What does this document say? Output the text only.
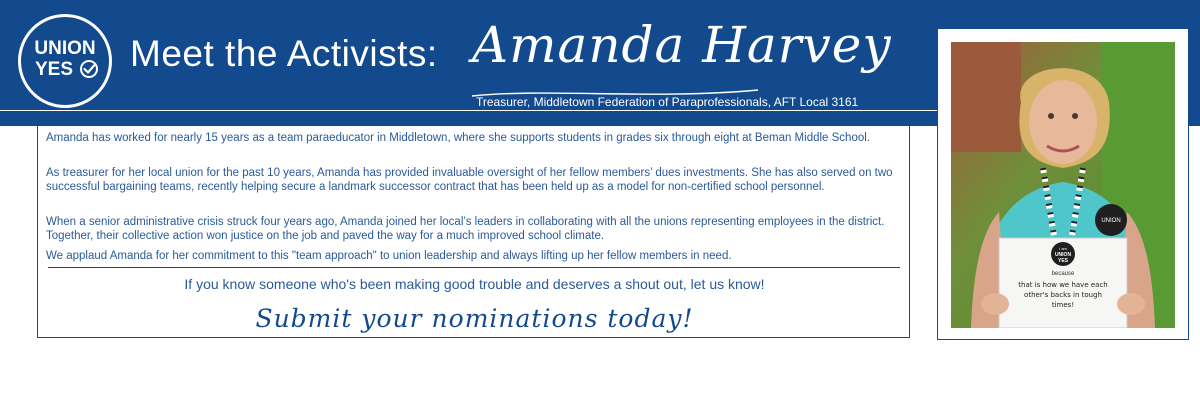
UNION
YES Meet the Activists: Amanda Harvey
Treasurer, Middletown Federation of Paraprofessionals, AFT Local 3161

Amanda has worked for nearly 15 years as a team paraeducator in Middletown, where she supports students in grades six through eight at Beman Middle School.

As treasurer for her local union for the past 10 years, Amanda has provided invaluable oversight of her fellow members’ dues investments. She has also served on two successful bargaining teams, recently helping secure a landmark successor contract that has been held up as a model for non-certified school personnel.

When a senior administrative crisis struck four years ago, Amanda joined her local’s leaders in collaborating with all the unions representing employees in the district. Together, their collective action won justice on the job and paved the way for a much improved school climate.

We applaud Amanda for her commitment to this "team approach" to union leadership and always lifting up her fellow members in need.

If you know someone who's been making good trouble and deserves a shout out, let us know!
Submit your nominations today!
UNION
I am
UNION
YES
because
that is how we have each
other's backs in tough
times!
